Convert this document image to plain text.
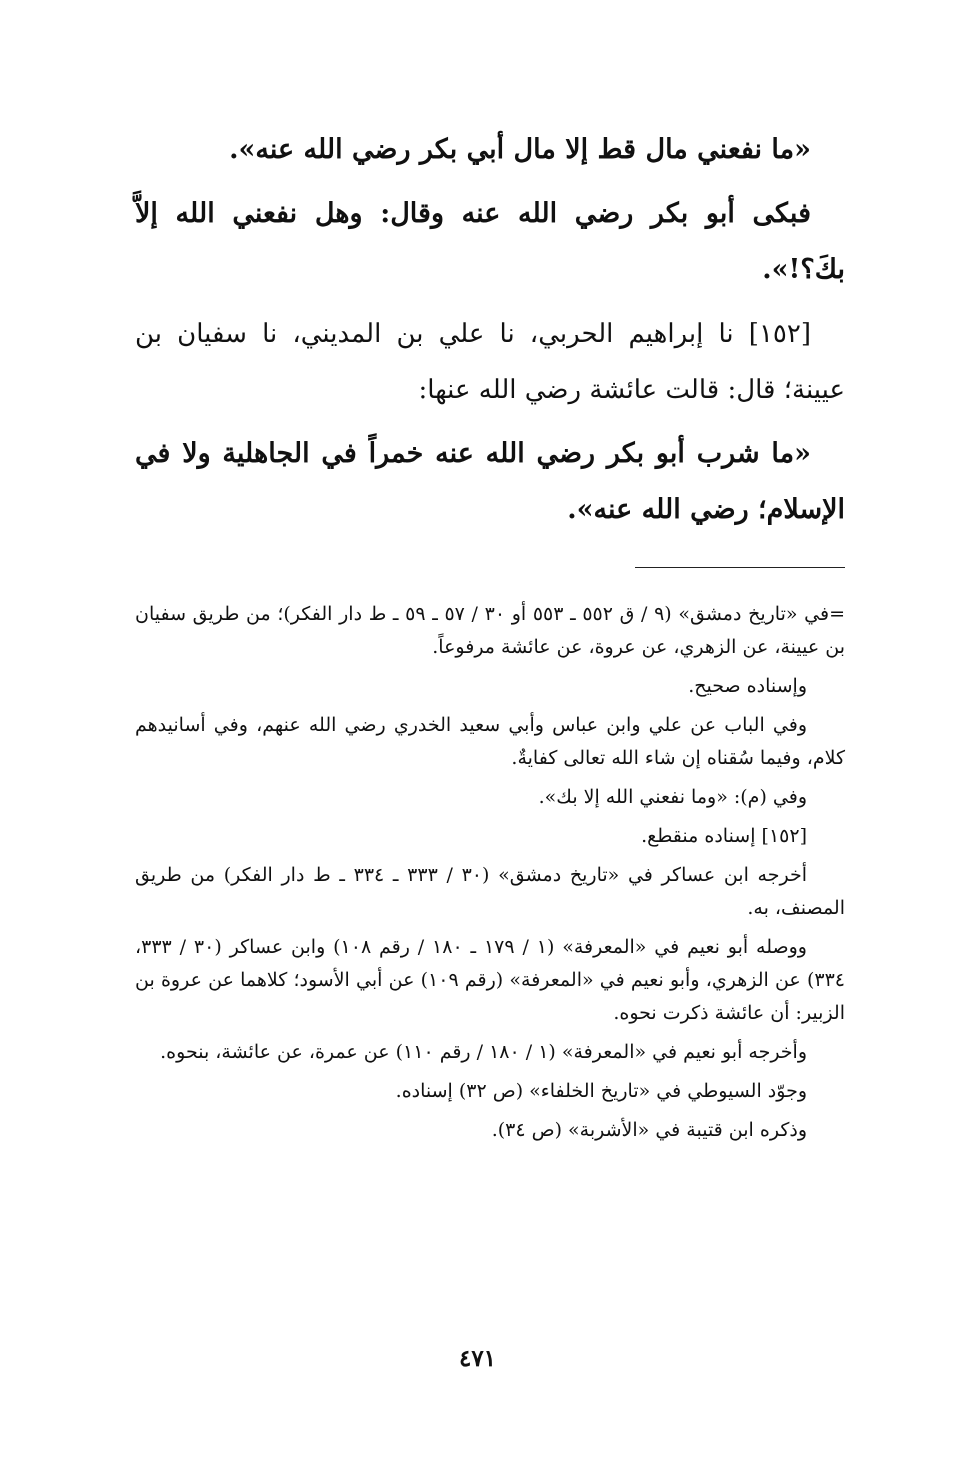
«ما نفعني مال قط إلا مال أبي بكر رضي الله عنه».

فبكى أبو بكر رضي الله عنه وقال: وهل نفعني الله إلاَّ بكَ؟!».

[١٥٢] نا إبراهيم الحربي، نا علي بن المديني، نا سفيان بن عيينة؛ قال: قالت عائشة رضي الله عنها:

«ما شرب أبو بكر رضي الله عنه خمراً في الجاهلية ولا في الإسلام؛ رضي الله عنه».

=في «تاريخ دمشق» (٩ / ق ٥٥٢ ـ ٥٥٣ أو ٣٠ / ٥٧ ـ ٥٩ ـ ط دار الفكر)؛ من طريق سفيان بن عيينة، عن الزهري، عن عروة، عن عائشة مرفوعاً.

وإسناده صحيح.

وفي الباب عن علي وابن عباس وأبي سعيد الخدري رضي الله عنهم، وفي أسانيدهم كلام، وفيما سُقناه إن شاء الله تعالى كفايةٌ.

وفي (م): «وما نفعني الله إلا بك».

[١٥٢] إسناده منقطع.

أخرجه ابن عساكر في «تاريخ دمشق» (٣٠ / ٣٣٣ ـ ٣٣٤ ـ ط دار الفكر) من طريق المصنف، به.

ووصله أبو نعيم في «المعرفة» (١ / ١٧٩ ـ ١٨٠ / رقم ١٠٨) وابن عساكر (٣٠ / ٣٣٣، ٣٣٤) عن الزهري، وأبو نعيم في «المعرفة» (رقم ١٠٩) عن أبي الأسود؛ كلاهما عن عروة بن الزبير: أن عائشة ذكرت نحوه.

وأخرجه أبو نعيم في «المعرفة» (١ / ١٨٠ / رقم ١١٠) عن عمرة، عن عائشة، بنحوه.

وجوّد السيوطي في «تاريخ الخلفاء» (ص ٣٢) إسناده.

وذكره ابن قتيبة في «الأشربة» (ص ٣٤).

٤٧١
